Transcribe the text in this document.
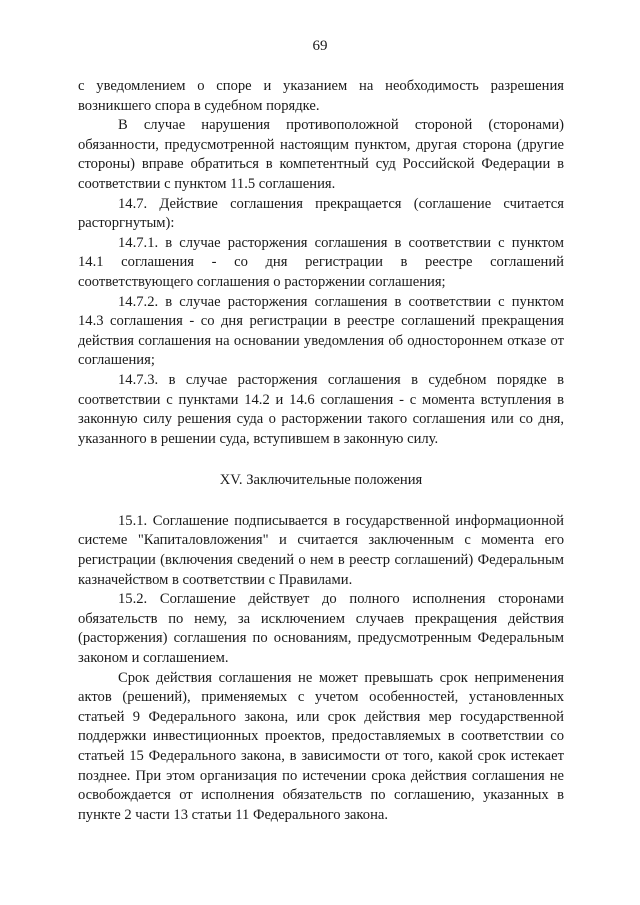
69

с уведомлением о споре и указанием на необходимость разрешения возникшего спора в судебном порядке.

В случае нарушения противоположной стороной (сторонами) обязанности, предусмотренной настоящим пунктом, другая сторона (другие стороны) вправе обратиться в компетентный суд Российской Федерации в соответствии с пунктом 11.5 соглашения.

14.7. Действие соглашения прекращается (соглашение считается расторгнутым):

14.7.1. в случае расторжения соглашения в соответствии с пунктом 14.1 соглашения - со дня регистрации в реестре соглашений соответствующего соглашения о расторжении соглашения;

14.7.2. в случае расторжения соглашения в соответствии с пунктом 14.3 соглашения - со дня регистрации в реестре соглашений прекращения действия соглашения на основании уведомления об одностороннем отказе от соглашения;

14.7.3. в случае расторжения соглашения в судебном порядке в соответствии с пунктами 14.2 и 14.6 соглашения - с момента вступления в законную силу решения суда о расторжении такого соглашения или со дня, указанного в решении суда, вступившем в законную силу.

XV. Заключительные положения

15.1. Соглашение подписывается в государственной информационной системе "Капиталовложения" и считается заключенным с момента его регистрации (включения сведений о нем в реестр соглашений) Федеральным казначейством в соответствии с Правилами.

15.2. Соглашение действует до полного исполнения сторонами обязательств по нему, за исключением случаев прекращения действия (расторжения) соглашения по основаниям, предусмотренным Федеральным законом и соглашением.

Срок действия соглашения не может превышать срок неприменения актов (решений), применяемых с учетом особенностей, установленных статьей 9 Федерального закона, или срок действия мер государственной поддержки инвестиционных проектов, предоставляемых в соответствии со статьей 15 Федерального закона, в зависимости от того, какой срок истекает позднее. При этом организация по истечении срока действия соглашения не освобождается от исполнения обязательств по соглашению, указанных в пункте 2 части 13 статьи 11 Федерального закона.
